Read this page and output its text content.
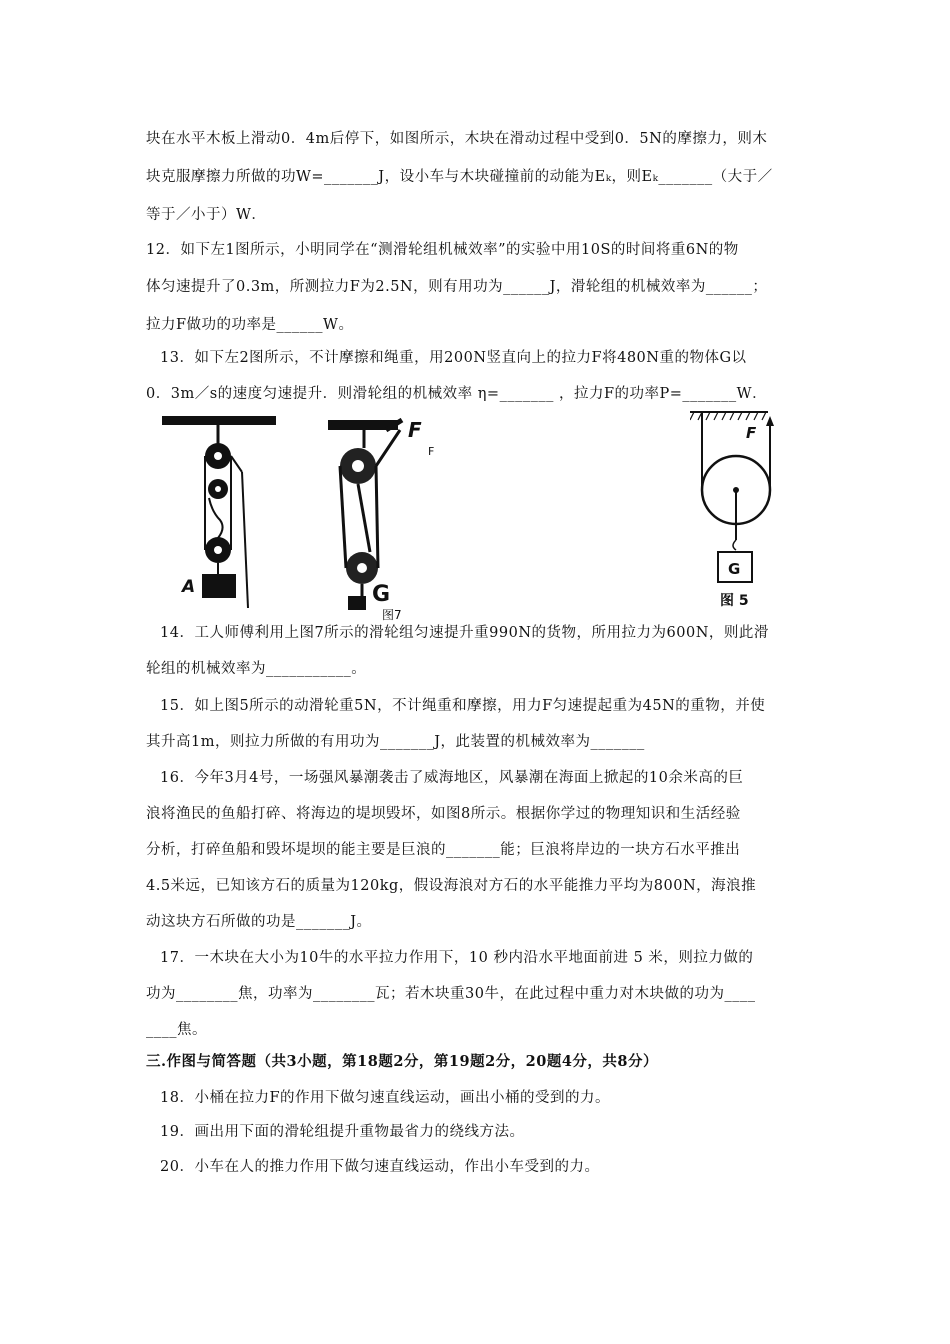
块在水平木板上滑动0．4m后停下，如图所示，木块在滑动过程中受到0．5N的摩擦力，则木
块克服摩擦力所做的功W=_______J，设小车与木块碰撞前的动能为Eₖ，则Eₖ_______（大于／
等于／小于）W．
12．如下左1图所示，小明同学在“测滑轮组机械效率”的实验中用10S的时间将重6N的物
体匀速提升了0.3m，所测拉力F为2.5N，则有用功为______J，滑轮组的机械效率为______；
拉力F做功的功率是______W。
13．如下左2图所示，不计摩擦和绳重，用200N竖直向上的拉力F将480N重的物体G以
0．3m／s的速度匀速提升．则滑轮组的机械效率 η=_______ ，拉力F的功率P=_______W．
14．工人师傅利用上图7所示的滑轮组匀速提升重990N的货物，所用拉力为600N，则此滑
轮组的机械效率为___________。
15．如上图5所示的动滑轮重5N，不计绳重和摩擦，用力F匀速提起重为45N的重物，并使
其升高1m，则拉力所做的有用功为_______J，此装置的机械效率为_______
16．今年3月4号，一场强风暴潮袭击了威海地区，风暴潮在海面上掀起的10余米高的巨
浪将渔民的鱼船打碎、将海边的堤坝毁坏，如图8所示。根据你学过的物理知识和生活经验
分析，打碎鱼船和毁坏堤坝的能主要是巨浪的_______能；巨浪将岸边的一块方石水平推出
4.5米远，已知该方石的质量为120kg，假设海浪对方石的水平能推力平均为800N，海浪推
动这块方石所做的功是_______J。
17．一木块在大小为10牛的水平拉力作用下，10 秒内沿水平地面前进 5 米，则拉力做的
功为________焦，功率为________瓦；若木块重30牛，在此过程中重力对木块做的功为____
____焦。
三.作图与简答题（共3小题，第18题2分，第19题2分，20题4分，共8分）
18．小桶在拉力F的作用下做匀速直线运动，画出小桶的受到的力。
19．画出用下面的滑轮组提升重物最省力的绕线方法。
20．小车在人的推力作用下做匀速直线运动，作出小车受到的力。
A
F
F
G
图7
F
G
图 5
